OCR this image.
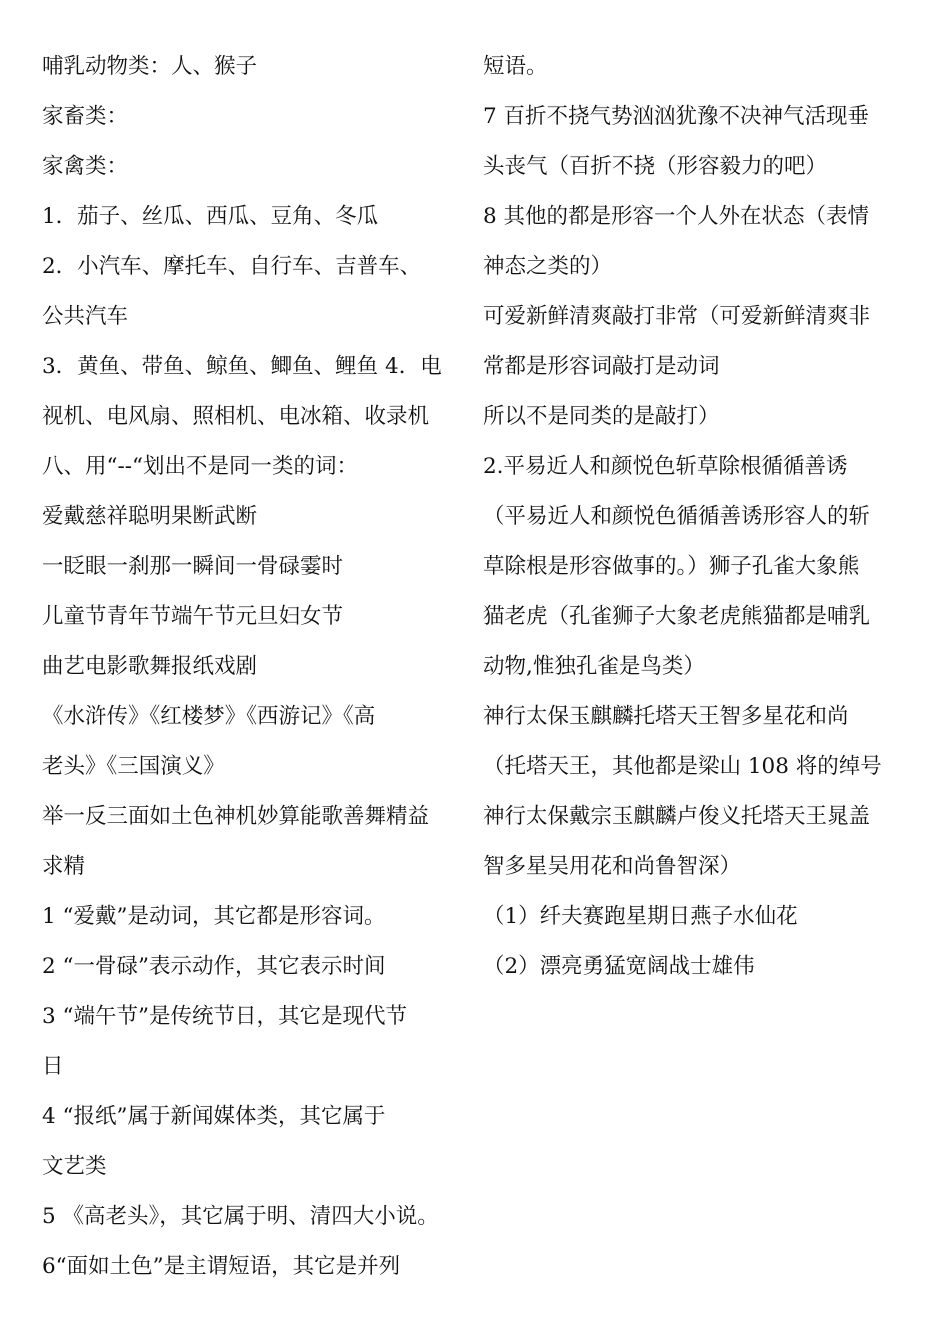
哺乳动物类：人、猴子
家畜类：
家禽类：
1．茄子、丝瓜、西瓜、豆角、冬瓜
2．小汽车、摩托车、自行车、吉普车、
公共汽车
3．黄鱼、带鱼、鲸鱼、鲫鱼、鲤鱼 4．电
视机、电风扇、照相机、电冰箱、收录机
八、用“--“划出不是同一类的词：
爱戴慈祥聪明果断武断
一眨眼一刹那一瞬间一骨碌霎时
儿童节青年节端午节元旦妇女节
曲艺电影歌舞报纸戏剧
《水浒传》《红楼梦》《西游记》《高
老头》《三国演义》
举一反三面如土色神机妙算能歌善舞精益
求精
1 “爱戴”是动词，其它都是形容词。
2 “一骨碌”表示动作，其它表示时间
3 “端午节”是传统节日，其它是现代节
日
4 “报纸”属于新闻媒体类，其它属于
文艺类
5 《高老头》，其它属于明、清四大小说。
6“面如土色”是主谓短语，其它是并列
短语。
7 百折不挠气势汹汹犹豫不决神气活现垂
头丧气（百折不挠（形容毅力的吧）
8 其他的都是形容一个人外在状态（表情
神态之类的）
可爱新鲜清爽敲打非常（可爱新鲜清爽非
常都是形容词敲打是动词
所以不是同类的是敲打）
2.平易近人和颜悦色斩草除根循循善诱
（平易近人和颜悦色循循善诱形容人的斩
草除根是形容做事的。）狮子孔雀大象熊
猫老虎（孔雀狮子大象老虎熊猫都是哺乳
动物,惟独孔雀是鸟类）
神行太保玉麒麟托塔天王智多星花和尚
（托塔天王，其他都是梁山 108 将的绰号
神行太保戴宗玉麒麟卢俊义托塔天王晁盖
智多星吴用花和尚鲁智深）
（1）纤夫赛跑星期日燕子水仙花
（2）漂亮勇猛宽阔战士雄伟
